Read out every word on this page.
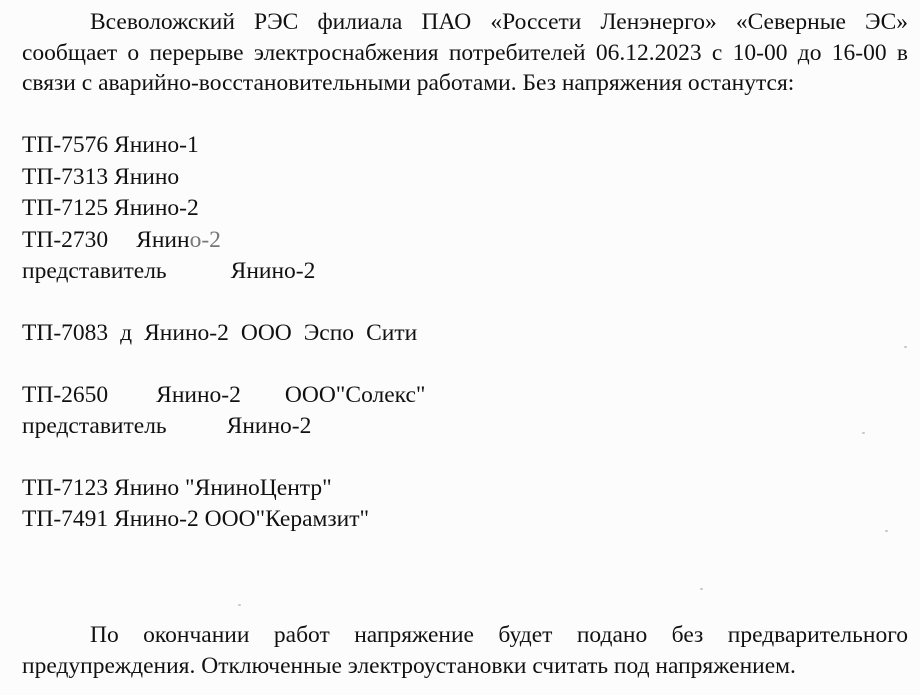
Всеволожский РЭС филиала ПАО «Россети Ленэнерго» «Северные ЭС» сообщает о перерыве электроснабжения потребителей 06.12.2023 с 10-00 до 16-00 в связи с аварийно-восстановительными работами. Без напряжения останутся:

ТП-7576 Янино-1

ТП-7313 Янино

ТП-7125 Янино-2

ТП-2730 Янино-2

представитель	Янино-2

ТП-7083 д Янино-2 ООО Эспо Сити

ТП-2650 Янино-2 ООО"Солекс"

представитель	Янино-2

ТП-7123 Янино "ЯниноЦентр"

ТП-7491 Янино-2 ООО"Керамзит"

По окончании работ напряжение будет подано без предварительного предупреждения. Отключенные электроустановки считать под напряжением.
